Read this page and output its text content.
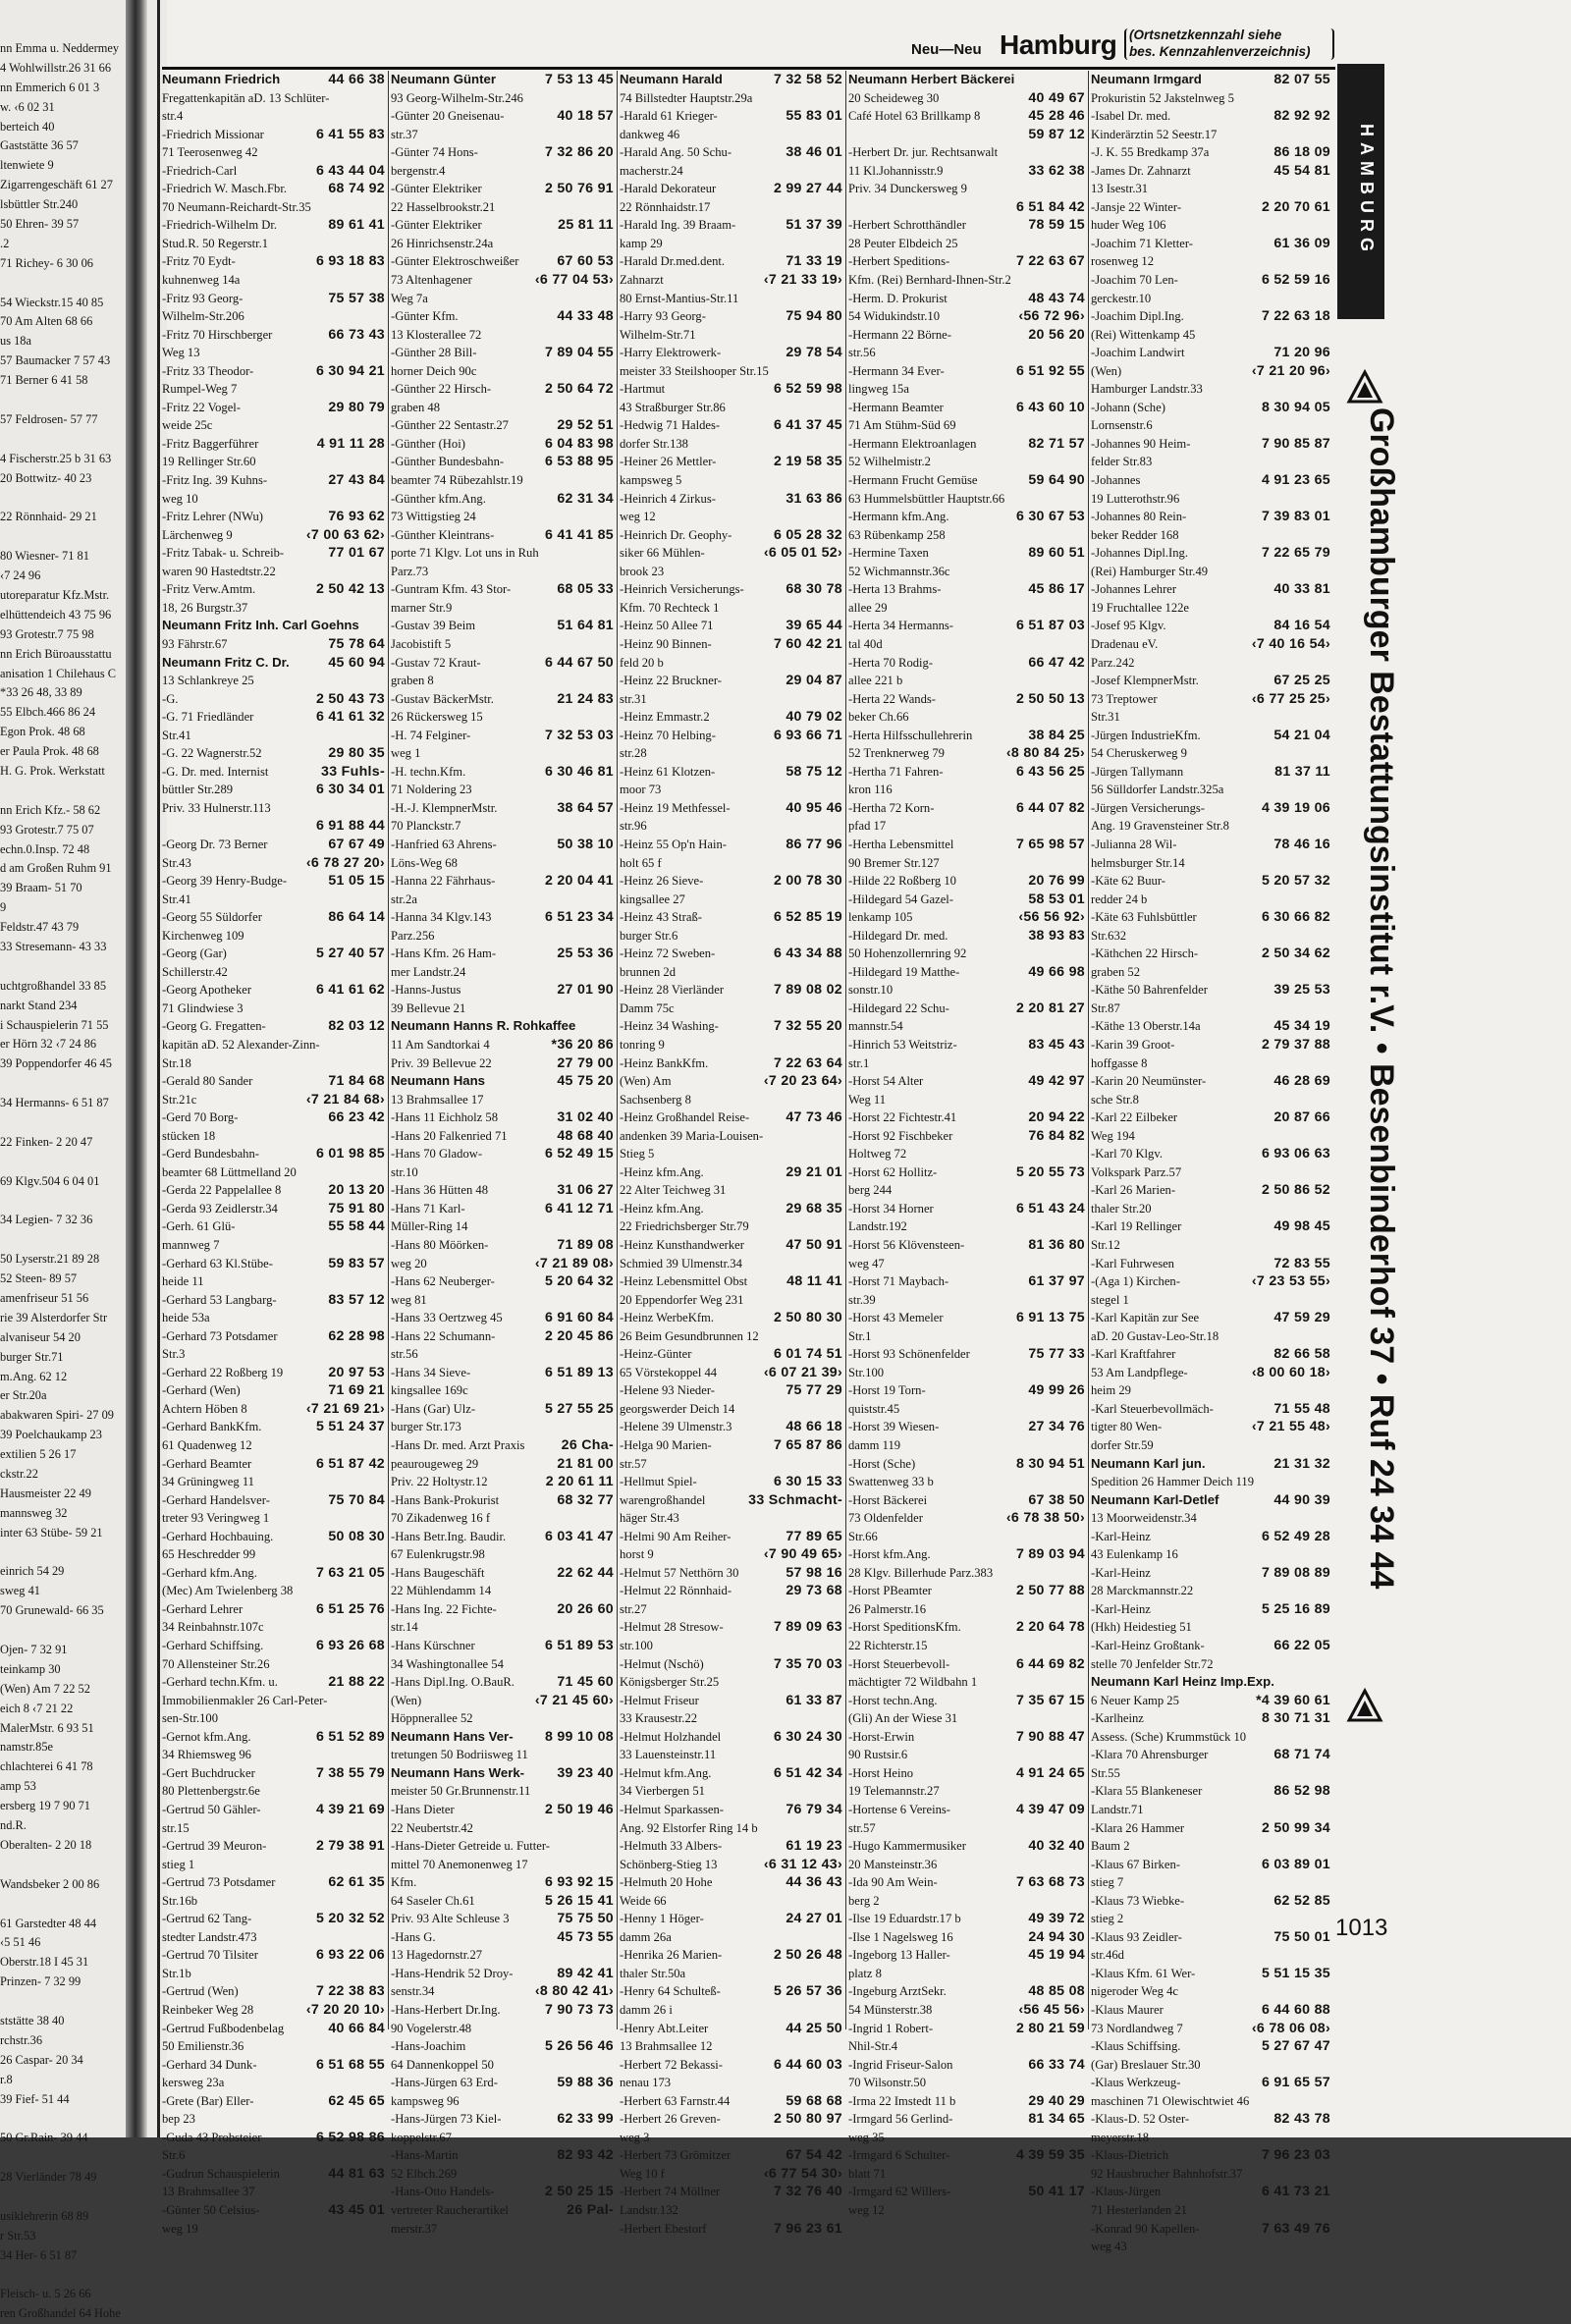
nn Emma u. Neddermey
4 Wohlwillstr.26 31 66
nn Emmerich 6 01 3
w. ‹6 02 31
berteich 40
Gaststätte 36 57
ltenwiete 9
Zigarrengeschäft 61 27
lsbüttler Str.240
50 Ehren- 39 57
.2
71 Richey- 6 30 06
54 Wieckstr.15 40 85
70 Am Alten 68 66
us 18a
57 Baumacker 7 57 43
71 Berner 6 41 58
57 Feldrosen- 57 77
4 Fischerstr.25 b 31 63
20 Bottwitz- 40 23
22 Rönnhaid- 29 21
80 Wiesner- 71 81
‹7 24 96
utoreparatur Kfz.Mstr.
elhüttendeich 43 75 96
93 Grotestr.7 75 98
nn Erich Büroausstattu
anisation 1 Chilehaus C
*33 26 48, 33 89
55 Elbch.466 86 24
Egon Prok. 48 68
er Paula Prok. 48 68
H. G. Prok. Werkstatt
nn Erich Kfz.- 58 62
93 Grotestr.7 75 07
echn.0.Insp. 72 48
d am Großen Ruhm 91
39 Braam- 51 70
9
Feldstr.47 43 79
33 Stresemann- 43 33
uchtgroßhandel 33 85
narkt Stand 234
i Schauspielerin 71 55
er Hörn 32 ‹7 24 86
39 Poppendorfer 46 45
34 Hermanns- 6 51 87
22 Finken- 2 20 47
69 Klgv.504 6 04 01
34 Legien- 7 32 36
50 Lyserstr.21 89 28
52 Steen- 89 57
amenfriseur 51 56
rie 39 Alsterdorfer Str
alvaniseur 54 20
burger Str.71
m.Ang. 62 12
er Str.20a
abakwaren Spiri- 27 09
39 Poelchaukamp 23
extilien 5 26 17
ckstr.22
Hausmeister 22 49
mannsweg 32
inter 63 Stübe- 59 21
einrich 54 29
sweg 41
70 Grunewald- 66 35
Ojen- 7 32 91
teinkamp 30
(Wen) Am 7 22 52
eich 8 ‹7 21 22
MalerMstr. 6 93 51
namstr.85e
chlachterei 6 41 78
amp 53
ersberg 19 7 90 71
nd.R.
Oberalten- 2 20 18
Wandsbeker 2 00 86
61 Garstedter 48 44
‹5 51 46
Oberstr.18 I 45 31
Prinzen- 7 32 99
ststätte 38 40
rchstr.36
26 Caspar- 20 34
r.8
39 Fief- 51 44
50 Gr.Rain- 39 44
28 Vierländer 78 49
usiklehrerin 68 89
r Str.53
34 Her- 6 51 87
Fleisch- u. 5 26 66
ren Großhandel 64 Hohe
Neu—Neu Hamburg (Ortsnetzkennzahl siehe
bes. Kennzahlenverzeichnis)
Neumann Friedrich	44 66 38
Fregattenkapitän aD. 13 Schlüter-
str.4
-Friedrich Missionar	6 41 55 83
71 Teerosenweg 42
-Friedrich-Carl	6 43 44 04
-Friedrich W. Masch.Fbr.	68 74 92
70 Neumann-Reichardt-Str.35
-Friedrich-Wilhelm Dr.	89 61 41
Stud.R. 50 Regerstr.1
-Fritz 70 Eydt-	6 93 18 83
kuhnenweg 14a
-Fritz 93 Georg-	75 57 38
Wilhelm-Str.206
-Fritz 70 Hirschberger	66 73 43
Weg 13
-Fritz 33 Theodor-	6 30 94 21
Rumpel-Weg 7
-Fritz 22 Vogel-	29 80 79
weide 25c
-Fritz Baggerführer	4 91 11 28
19 Rellinger Str.60
-Fritz Ing. 39 Kuhns-	27 43 84
weg 10
-Fritz Lehrer (NWu)	76 93 62
Lärchenweg 9	‹7 00 63 62›
-Fritz Tabak- u. Schreib-	77 01 67
waren 90 Hastedtstr.22
-Fritz Verw.Amtm.	2 50 42 13
18, 26 Burgstr.37
Neumann Fritz Inh. Carl Goehns
93 Fährstr.67	75 78 64
Neumann Fritz C. Dr.	45 60 94
13 Schlankreye 25
-G.	2 50 43 73
-G. 71 Friedländer	6 41 61 32
Str.41
-G. 22 Wagnerstr.52	29 80 35
-G. Dr. med. Internist	33 Fuhls-
büttler Str.289	6 30 34 01
Priv. 33 Hulnerstr.113
6 91 88 44
-Georg Dr. 73 Berner	67 67 49
Str.43	‹6 78 27 20›
-Georg 39 Henry-Budge-	51 05 15
Str.41
-Georg 55 Süldorfer	86 64 14
Kirchenweg 109
-Georg (Gar)	5 27 40 57
Schillerstr.42
-Georg Apotheker	6 41 61 62
71 Glindwiese 3
-Georg G. Fregatten-	82 03 12
kapitän aD. 52 Alexander-Zinn-
Str.18
-Gerald 80 Sander	71 84 68
Str.21c	‹7 21 84 68›
-Gerd 70 Borg-	66 23 42
stücken 18
-Gerd Bundesbahn-	6 01 98 85
beamter 68 Lüttmelland 20
-Gerda 22 Pappelallee 8	20 13 20
-Gerda 93 Zeidlerstr.34	75 91 80
-Gerh. 61 Glü-	55 58 44
mannweg 7
-Gerhard 63 Kl.Stübe-	59 83 57
heide 11
-Gerhard 53 Langbarg-	83 57 12
heide 53a
-Gerhard 73 Potsdamer	62 28 98
Str.3
-Gerhard 22 Roßberg 19	20 97 53
-Gerhard (Wen)	71 69 21
Achtern Höben 8	‹7 21 69 21›
-Gerhard BankKfm.	5 51 24 37
61 Quadenweg 12
-Gerhard Beamter	6 51 87 42
34 Grüningweg 11
-Gerhard Handelsver-	75 70 84
treter 93 Veringweg 1
-Gerhard Hochbauing.	50 08 30
65 Heschredder 99
-Gerhard kfm.Ang.	7 63 21 05
(Mec) Am Twielenberg 38
-Gerhard Lehrer	6 51 25 76
34 Reinbahnstr.107c
-Gerhard Schiffsing.	6 93 26 68
70 Allensteiner Str.26
-Gerhard techn.Kfm. u.	21 88 22
Immobilienmakler 26 Carl-Peter-
sen-Str.100
-Gernot kfm.Ang.	6 51 52 89
34 Rhiemsweg 96
-Gert Buchdrucker	7 38 55 79
80 Plettenbergstr.6e
-Gertrud 50 Gähler-	4 39 21 69
str.15
-Gertrud 39 Meuron-	2 79 38 91
stieg 1
-Gertrud 73 Potsdamer	62 61 35
Str.16b
-Gertrud 62 Tang-	5 20 32 52
stedter Landstr.473
-Gertrud 70 Tilsiter	6 93 22 06
Str.1b
-Gertrud (Wen)	7 22 38 83
Reinbeker Weg 28	‹7 20 20 10›
-Gertrud Fußbodenbelag	40 66 84
50 Emilienstr.36
-Gerhard 34 Dunk-	6 51 68 55
kersweg 23a
-Grete (Bar) Eller-	62 45 65
bep 23
-Guda 43 Probsteier	6 52 98 86
Str.6
-Gudrun Schauspielerin	44 81 63
13 Brahmsallee 37
-Günter 50 Celsius-	43 45 01
weg 19
Neumann Günter	7 53 13 45
93 Georg-Wilhelm-Str.246
-Günter 20 Gneisenau-	40 18 57
str.37
-Günter 74 Hons-	7 32 86 20
bergenstr.4
-Günter Elektriker	2 50 76 91
22 Hasselbrookstr.21
-Günter Elektriker	25 81 11
26 Hinrichsenstr.24a
-Günter Elektroschweißer	67 60 53
73 Altenhagener	‹6 77 04 53›
Weg 7a
-Günter Kfm.	44 33 48
13 Klosterallee 72
-Günther 28 Bill-	7 89 04 55
horner Deich 90c
-Günther 22 Hirsch-	2 50 64 72
graben 48
-Günther 22 Sentastr.27	29 52 51
-Günther (Hoi)	6 04 83 98
-Günther Bundesbahn-	6 53 88 95
beamter 74 Rübezahlstr.19
-Günther kfm.Ang.	62 31 34
73 Wittigstieg 24
-Günther Kleintrans-	6 41 41 85
porte 71 Klgv. Lot uns in Ruh
Parz.73
-Guntram Kfm. 43 Stor-	68 05 33
marner Str.9
-Gustav 39 Beim	51 64 81
Jacobistift 5
-Gustav 72 Kraut-	6 44 67 50
graben 8
-Gustav BäckerMstr.	21 24 83
26 Rückersweg 15
-H. 74 Felginer-	7 32 53 03
weg 1
-H. techn.Kfm.	6 30 46 81
71 Noldering 23
-H.-J. KlempnerMstr.	38 64 57
70 Planckstr.7
-Hanfried 63 Ahrens-	50 38 10
Löns-Weg 68
-Hanna 22 Fährhaus-	2 20 04 41
str.2a
-Hanna 34 Klgv.143	6 51 23 34
Parz.256
-Hans Kfm. 26 Ham-	25 53 36
mer Landstr.24
-Hanns-Justus	27 01 90
39 Bellevue 21
Neumann Hanns R. Rohkaffee
11 Am Sandtorkai 4	*36 20 86
Priv. 39 Bellevue 22	27 79 00
Neumann Hans	45 75 20
13 Brahmsallee 17
-Hans 11 Eichholz 58	31 02 40
-Hans 20 Falkenried 71	48 68 40
-Hans 70 Gladow-	6 52 49 15
str.10
-Hans 36 Hütten 48	31 06 27
-Hans 71 Karl-	6 41 12 71
Müller-Ring 14
-Hans 80 Möörken-	71 89 08
weg 20	‹7 21 89 08›
-Hans 62 Neuberger-	5 20 64 32
weg 81
-Hans 33 Oertzweg 45	6 91 60 84
-Hans 22 Schumann-	2 20 45 86
str.56
-Hans 34 Sieve-	6 51 89 13
kingsallee 169c
-Hans (Gar) Ulz-	5 27 55 25
burger Str.173
-Hans Dr. med. Arzt Praxis	26 Cha-
peaurougeweg 29	21 81 00
Priv. 22 Holtystr.12	2 20 61 11
-Hans Bank-Prokurist	68 32 77
70 Zikadenweg 16 f
-Hans Betr.Ing. Baudir.	6 03 41 47
67 Eulenkrugstr.98
-Hans Baugeschäft	22 62 44
22 Mühlendamm 14
-Hans Ing. 22 Fichte-	20 26 60
str.14
-Hans Kürschner	6 51 89 53
34 Washingtonallee 54
-Hans Dipl.Ing. O.BauR.	71 45 60
(Wen)	‹7 21 45 60›
Höppnerallee 52
Neumann Hans Ver-	8 99 10 08
tretungen 50 Bodriisweg 11
Neumann Hans Werk-	39 23 40
meister 50 Gr.Brunnenstr.11
-Hans Dieter	2 50 19 46
22 Neubertstr.42
-Hans-Dieter Getreide u. Futter-
mittel 70 Anemonenweg 17
Kfm.	6 93 92 15
64 Saseler Ch.61	5 26 15 41
Priv. 93 Alte Schleuse 3	75 75 50
-Hans G.	45 73 55
13 Hagedornstr.27
-Hans-Hendrik 52 Droy-	89 42 41
senstr.34	‹8 80 42 41›
-Hans-Herbert Dr.Ing.	7 90 73 73
90 Vogelerstr.48
-Hans-Joachim	5 26 56 46
64 Dannenkoppel 50
-Hans-Jürgen 63 Erd-	59 88 36
kampsweg 96
-Hans-Jürgen 73 Kiel-	62 33 99
koppelstr.67
-Hans-Martin	82 93 42
52 Elbch.269
-Hans-Otto Handels-	2 50 25 15
vertreter Raucherartikel	26 Pal-
merstr.37
Neumann Harald	7 32 58 52
74 Billstedter Hauptstr.29a
-Harald 61 Krieger-	55 83 01
dankweg 46
-Harald Ang. 50 Schu-	38 46 01
macherstr.24
-Harald Dekorateur	2 99 27 44
22 Rönnhaidstr.17
-Harald Ing. 39 Braam-	51 37 39
kamp 29
-Harald Dr.med.dent.	71 33 19
Zahnarzt	‹7 21 33 19›
80 Ernst-Mantius-Str.11
-Harry 93 Georg-	75 94 80
Wilhelm-Str.71
-Harry Elektrowerk-	29 78 54
meister 33 Steilshooper Str.15
-Hartmut	6 52 59 98
43 Straßburger Str.86
-Hedwig 71 Haldes-	6 41 37 45
dorfer Str.138
-Heiner 26 Mettler-	2 19 58 35
kampsweg 5
-Heinrich 4 Zirkus-	31 63 86
weg 12
-Heinrich Dr. Geophy-	6 05 28 32
siker 66 Mühlen-	‹6 05 01 52›
brook 23
-Heinrich Versicherungs-	68 30 78
Kfm. 70 Rechteck 1
-Heinz 50 Allee 71	39 65 44
-Heinz 90 Binnen-	7 60 42 21
feld 20 b
-Heinz 22 Bruckner-	29 04 87
str.31
-Heinz Emmastr.2	40 79 02
-Heinz 70 Helbing-	6 93 66 71
str.28
-Heinz 61 Klotzen-	58 75 12
moor 73
-Heinz 19 Methfessel-	40 95 46
str.96
-Heinz 55 Op'n Hain-	86 77 96
holt 65 f
-Heinz 26 Sieve-	2 00 78 30
kingsallee 27
-Heinz 43 Straß-	6 52 85 19
burger Str.6
-Heinz 72 Sweben-	6 43 34 88
brunnen 2d
-Heinz 28 Vierländer	7 89 08 02
Damm 75c
-Heinz 34 Washing-	7 32 55 20
tonring 9
-Heinz BankKfm.	7 22 63 64
(Wen) Am	‹7 20 23 64›
Sachsenberg 8
-Heinz Großhandel Reise-	47 73 46
andenken 39 Maria-Louisen-
Stieg 5
-Heinz kfm.Ang.	29 21 01
22 Alter Teichweg 31
-Heinz kfm.Ang.	29 68 35
22 Friedrichsberger Str.79
-Heinz Kunsthandwerker	47 50 91
Schmied 39 Ulmenstr.34
-Heinz Lebensmittel Obst	48 11 41
20 Eppendorfer Weg 231
-Heinz WerbeKfm.	2 50 80 30
26 Beim Gesundbrunnen 12
-Heinz-Günter	6 01 74 51
65 Vörstekoppel 44	‹6 07 21 39›
-Helene 93 Nieder-	75 77 29
georgswerder Deich 14
-Helene 39 Ulmenstr.3	48 66 18
-Helga 90 Marien-	7 65 87 86
str.57
-Hellmut Spiel-	6 30 15 33
warengroßhandel	33 Schmacht-
häger Str.43
-Helmi 90 Am Reiher-	77 89 65
horst 9	‹7 90 49 65›
-Helmut 57 Netthörn 30	57 98 16
-Helmut 22 Rönnhaid-	29 73 68
str.27
-Helmut 28 Stresow-	7 89 09 63
str.100
-Helmut (Nschö)	7 35 70 03
Königsberger Str.25
-Helmut Friseur	61 33 87
33 Krausestr.22
-Helmut Holzhandel	6 30 24 30
33 Lauensteinstr.11
-Helmut kfm.Ang.	6 51 42 34
34 Vierbergen 51
-Helmut Sparkassen-	76 79 34
Ang. 92 Elstorfer Ring 14 b
-Helmuth 33 Albers-	61 19 23
Schönberg-Stieg 13	‹6 31 12 43›
-Helmuth 20 Hohe	44 36 43
Weide 66
-Henny 1 Höger-	24 27 01
damm 26a
-Henrika 26 Marien-	2 50 26 48
thaler Str.50a
-Henry 64 Schulteß-	5 26 57 36
damm 26 i
-Henry Abt.Leiter	44 25 50
13 Brahmsallee 12
-Herbert 72 Bekassi-	6 44 60 03
nenau 173
-Herbert 63 Farnstr.44	59 68 68
-Herbert 26 Greven-	2 50 80 97
weg 3
-Herbert 73 Grömitzer	67 54 42
Weg 10 f	‹6 77 54 30›
-Herbert 74 Möllner	7 32 76 40
Landstr.132
-Herbert Ebestorf	7 96 23 61
Neumann Herbert Bäckerei
20 Scheideweg 30	40 49 67
Café Hotel 63 Brillkamp 8	45 28 46
59 87 12
-Herbert Dr. jur. Rechtsanwalt
11 Kl.Johannisstr.9	33 62 38
Priv. 34 Dunckersweg 9
6 51 84 42
-Herbert Schrotthändler	78 59 15
28 Peuter Elbdeich 25
-Herbert Speditions-	7 22 63 67
Kfm. (Rei) Bernhard-Ihnen-Str.2
-Herm. D. Prokurist	48 43 74
54 Widukindstr.10	‹56 72 96›
-Hermann 22 Börne-	20 56 20
str.56
-Hermann 34 Ever-	6 51 92 55
lingweg 15a
-Hermann Beamter	6 43 60 10
71 Am Stühm-Süd 69
-Hermann Elektroanlagen	82 71 57
52 Wilhelmistr.2
-Hermann Frucht Gemüse	59 64 90
63 Hummelsbüttler Hauptstr.66
-Hermann kfm.Ang.	6 30 67 53
63 Rübenkamp 258
-Hermine Taxen	89 60 51
52 Wichmannstr.36c
-Herta 13 Brahms-	45 86 17
allee 29
-Herta 34 Hermanns-	6 51 87 03
tal 40d
-Herta 70 Rodig-	66 47 42
allee 221 b
-Herta 22 Wands-	2 50 50 13
beker Ch.66
-Herta Hilfsschullehrerin	38 84 25
52 Trenknerweg 79	‹8 80 84 25›
-Hertha 71 Fahren-	6 43 56 25
kron 116
-Hertha 72 Korn-	6 44 07 82
pfad 17
-Hertha Lebensmittel	7 65 98 57
90 Bremer Str.127
-Hilde 22 Roßberg 10	20 76 99
-Hildegard 54 Gazel-	58 53 01
lenkamp 105	‹56 56 92›
-Hildegard Dr. med.	38 93 83
50 Hohenzollernring 92
-Hildegard 19 Matthe-	49 66 98
sonstr.10
-Hildegard 22 Schu-	2 20 81 27
mannstr.54
-Hinrich 53 Weitstriz-	83 45 43
str.1
-Horst 54 Alter	49 42 97
Weg 11
-Horst 22 Fichtestr.41	20 94 22
-Horst 92 Fischbeker	76 84 82
Holtweg 72
-Horst 62 Hollitz-	5 20 55 73
berg 244
-Horst 34 Horner	6 51 43 24
Landstr.192
-Horst 56 Klövensteen-	81 36 80
weg 47
-Horst 71 Maybach-	61 37 97
str.39
-Horst 43 Memeler	6 91 13 75
Str.1
-Horst 93 Schönenfelder	75 77 33
Str.100
-Horst 19 Torn-	49 99 26
quiststr.45
-Horst 39 Wiesen-	27 34 76
damm 119
-Horst (Sche)	8 30 94 51
Swattenweg 33 b
-Horst Bäckerei	67 38 50
73 Oldenfelder	‹6 78 38 50›
Str.66
-Horst kfm.Ang.	7 89 03 94
28 Klgv. Billerhude Parz.383
-Horst PBeamter	2 50 77 88
26 Palmerstr.16
-Horst SpeditionsKfm.	2 20 64 78
22 Richterstr.15
-Horst Steuerbevoll-	6 44 69 82
mächtigter 72 Wildbahn 1
-Horst techn.Ang.	7 35 67 15
(Gli) An der Wiese 31
-Horst-Erwin	7 90 88 47
90 Rustsir.6
-Horst Heino	4 91 24 65
19 Telemannstr.27
-Hortense 6 Vereins-	4 39 47 09
str.57
-Hugo Kammermusiker	40 32 40
20 Mansteinstr.36
-Ida 90 Am Wein-	7 63 68 73
berg 2
-Ilse 19 Eduardstr.17 b	49 39 72
-Ilse 1 Nagelsweg 16	24 94 30
-Ingeborg 13 Haller-	45 19 94
platz 8
-Ingeburg ArztSekr.	48 85 08
54 Münsterstr.38	‹56 45 56›
-Ingrid 1 Robert-	2 80 21 59
Nhil-Str.4
-Ingrid Friseur-Salon	66 33 74
70 Wilsonstr.50
-Irma 22 Imstedt 11 b	29 40 29
-Irmgard 56 Gerlind-	81 34 65
weg 35
-Irmgard 6 Schulter-	4 39 59 35
blatt 71
-Irmgard 62 Willers-	50 41 17
weg 12
Neumann Irmgard	82 07 55
Prokuristin 52 Jakstelnweg 5
-Isabel Dr. med.	82 92 92
Kinderärztin 52 Seestr.17
-J. K. 55 Bredkamp 37a	86 18 09
-James Dr. Zahnarzt	45 54 81
13 Isestr.31
-Jansje 22 Winter-	2 20 70 61
huder Weg 106
-Joachim 71 Kletter-	61 36 09
rosenweg 12
-Joachim 70 Len-	6 52 59 16
gerckestr.10
-Joachim Dipl.Ing.	7 22 63 18
(Rei) Wittenkamp 45
-Joachim Landwirt	71 20 96
(Wen)	‹7 21 20 96›
Hamburger Landstr.33
-Johann (Sche)	8 30 94 05
Lornsenstr.6
-Johannes 90 Heim-	7 90 85 87
felder Str.83
-Johannes	4 91 23 65
19 Lutterothstr.96
-Johannes 80 Rein-	7 39 83 01
beker Redder 168
-Johannes Dipl.Ing.	7 22 65 79
(Rei) Hamburger Str.49
-Johannes Lehrer	40 33 81
19 Fruchtallee 122e
-Josef 95 Klgv.	84 16 54
Dradenau eV.	‹7 40 16 54›
Parz.242
-Josef KlempnerMstr.	67 25 25
73 Treptower	‹6 77 25 25›
Str.31
-Jürgen IndustrieKfm.	54 21 04
54 Cheruskerweg 9
-Jürgen Tallymann	81 37 11
56 Sülldorfer Landstr.325a
-Jürgen Versicherungs-	4 39 19 06
Ang. 19 Gravensteiner Str.8
-Julianna 28 Wil-	78 46 16
helmsburger Str.14
-Käte 62 Buur-	5 20 57 32
redder 24 b
-Käte 63 Fuhlsbüttler	6 30 66 82
Str.632
-Käthchen 22 Hirsch-	2 50 34 62
graben 52
-Käthe 50 Bahrenfelder	39 25 53
Str.87
-Käthe 13 Oberstr.14a	45 34 19
-Karin 39 Groot-	2 79 37 88
hoffgasse 8
-Karin 20 Neumünster-	46 28 69
sche Str.8
-Karl 22 Eilbeker	20 87 66
Weg 194
-Karl 70 Klgv.	6 93 06 63
Volkspark Parz.57
-Karl 26 Marien-	2 50 86 52
thaler Str.20
-Karl 19 Rellinger	49 98 45
Str.12
-Karl Fuhrwesen	72 83 55
-(Aga 1) Kirchen-	‹7 23 53 55›
stegel 1
-Karl Kapitän zur See	47 59 29
aD. 20 Gustav-Leo-Str.18
-Karl Kraftfahrer	82 66 58
53 Am Landpflege-	‹8 00 60 18›
heim 29
-Karl Steuerbevollmäch-	71 55 48
tigter 80 Wen-	‹7 21 55 48›
dorfer Str.59
Neumann Karl jun.	21 31 32
Spedition 26 Hammer Deich 119
Neumann Karl-Detlef	44 90 39
13 Moorweidenstr.34
-Karl-Heinz	6 52 49 28
43 Eulenkamp 16
-Karl-Heinz	7 89 08 89
28 Marckmannstr.22
-Karl-Heinz	5 25 16 89
(Hkh) Heidestieg 51
-Karl-Heinz Großtank-	66 22 05
stelle 70 Jenfelder Str.72
Neumann Karl Heinz Imp.Exp.
6 Neuer Kamp 25	*4 39 60 61
-Karlheinz	8 30 71 31
Assess. (Sche) Krummstück 10
-Klara 70 Ahrensburger	68 71 74
Str.55
-Klara 55 Blankeneser	86 52 98
Landstr.71
-Klara 26 Hammer	2 50 99 34
Baum 2
-Klaus 67 Birken-	6 03 89 01
stieg 7
-Klaus 73 Wiebke-	62 52 85
stieg 2
-Klaus 93 Zeidler-	75 50 01
str.46d
-Klaus Kfm. 61 Wer-	5 51 15 35
nigeroder Weg 4c
-Klaus Maurer	6 44 60 88
73 Nordlandweg 7	‹6 78 06 08›
-Klaus Schiffsing.	5 27 67 47
(Gar) Breslauer Str.30
-Klaus Werkzeug-	6 91 65 57
maschinen 71 Olewischtwiet 46
-Klaus-D. 52 Oster-	82 43 78
meyerstr.18
-Klaus-Dietrich	7 96 23 03
92 Hausbrucher Bahnhofstr.37
-Klaus-Jürgen	6 41 73 21
71 Hesterlanden 21
-Konrad 90 Kapellen-	7 63 49 76
weg 43
HAMBURG
Großhamburger Bestattungsinstitut r.V. • Besenbinderhof 37 • Ruf 24 34 44
1013
